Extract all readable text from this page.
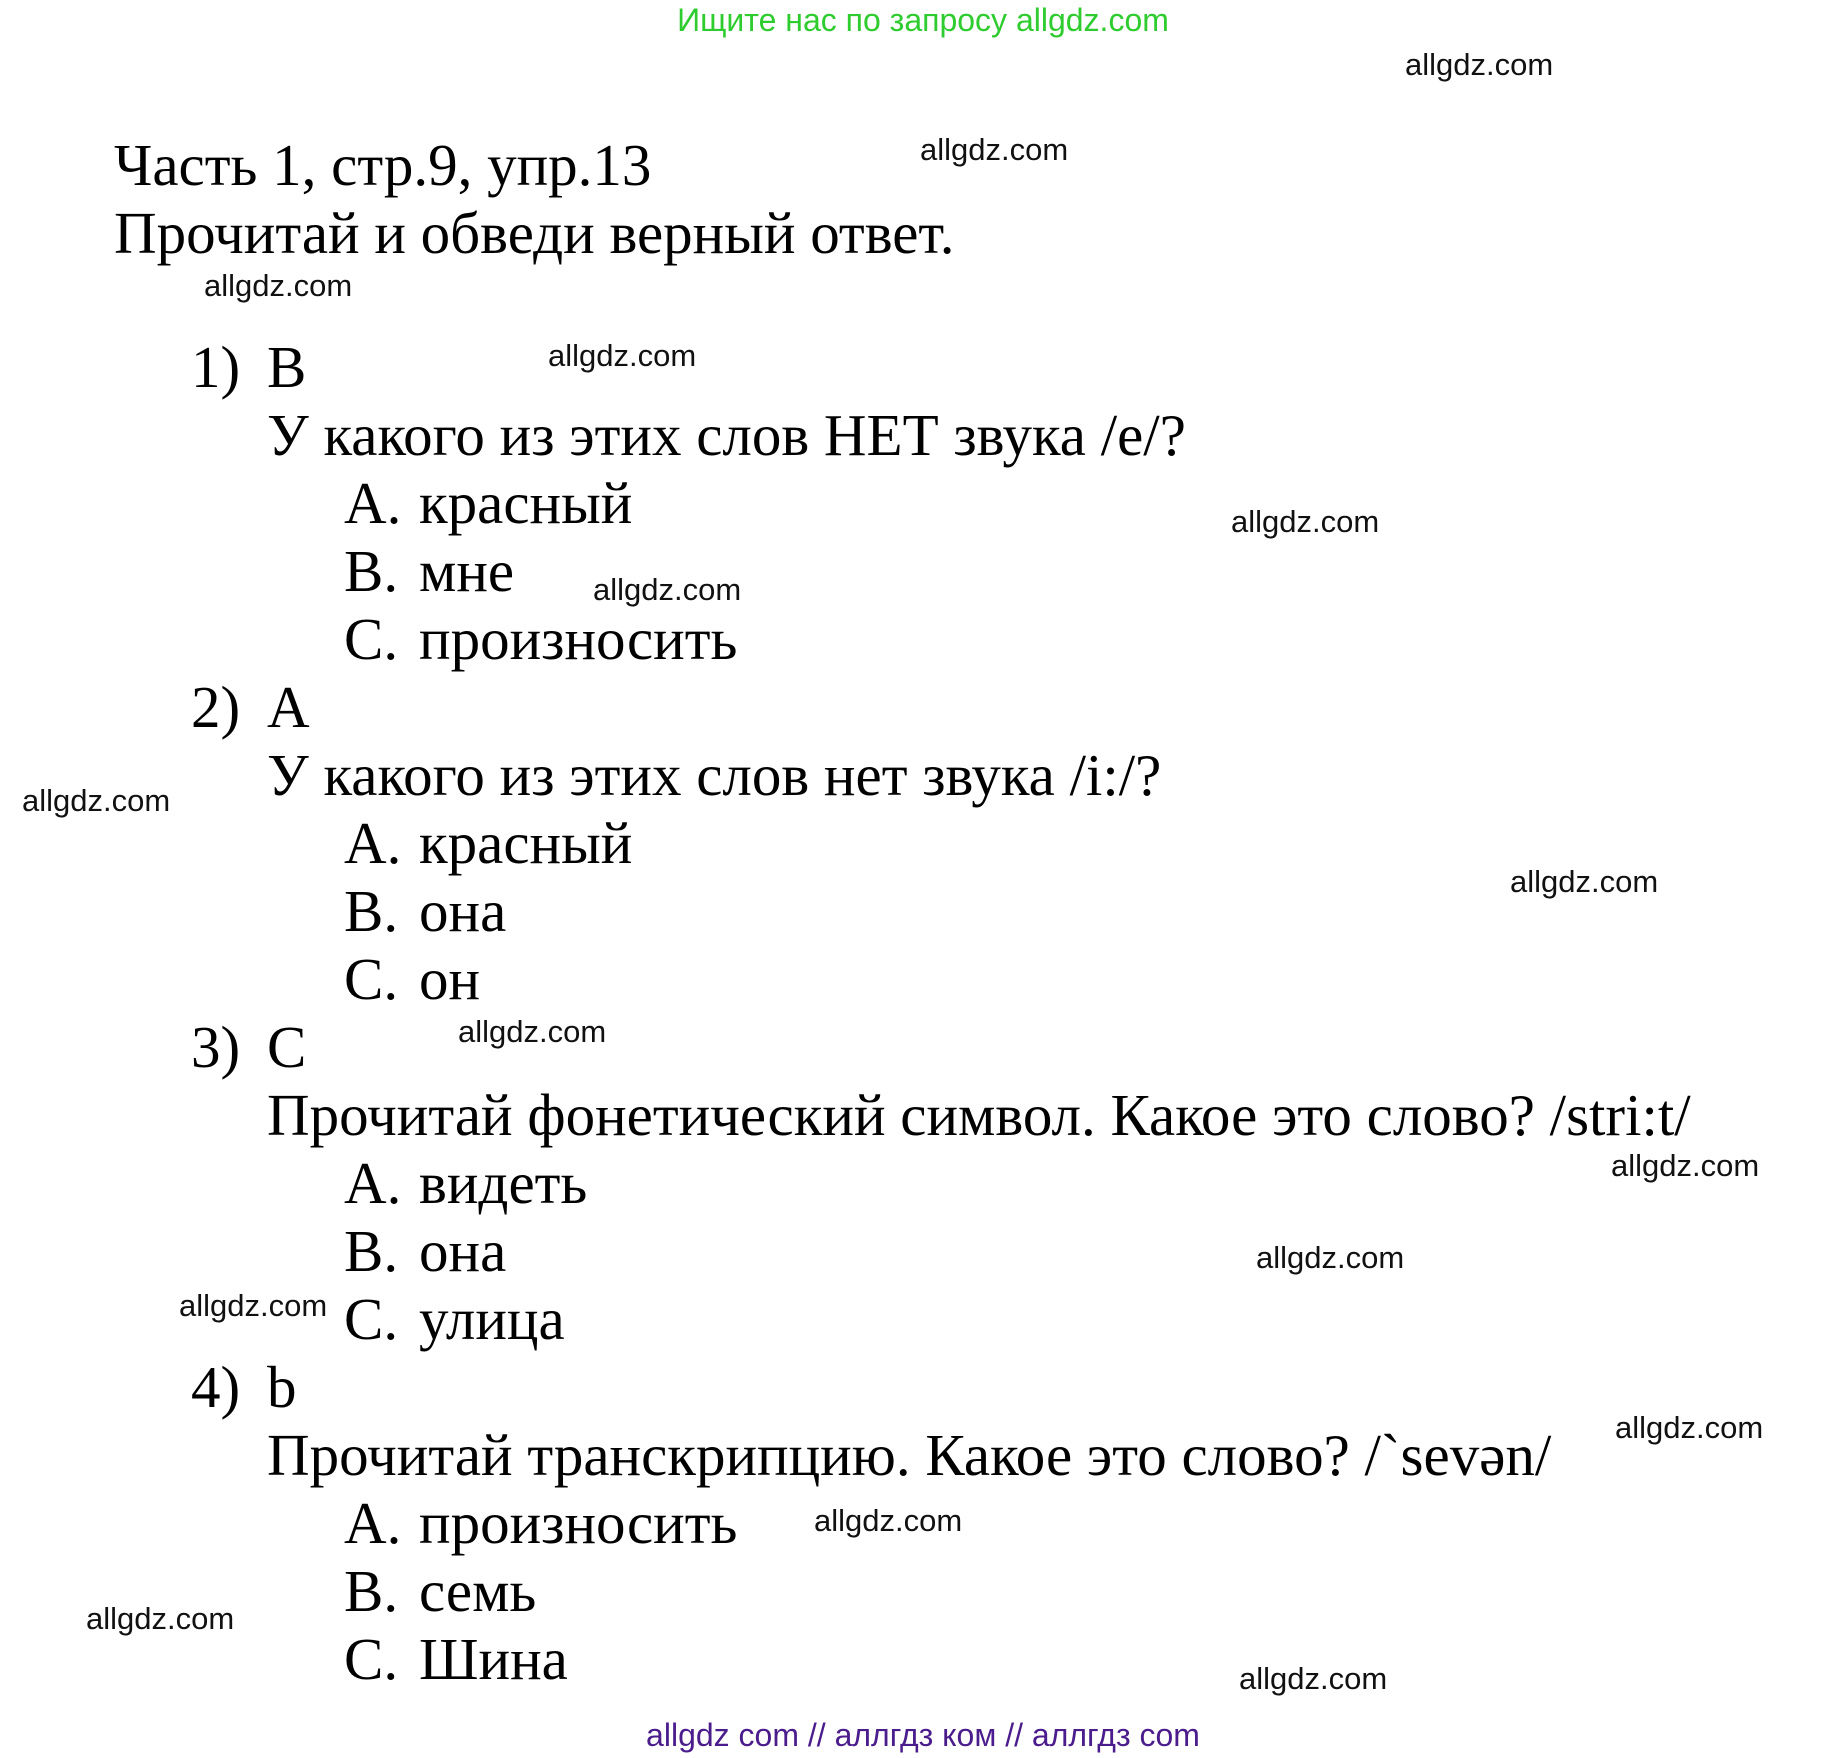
Ищите нас по запросу allgdz.com
Часть 1, стр.9, упр.13
Прочитай и обведи верный ответ.
1) B
У какого из этих слов НЕТ звука /e/?
A. красный
B. мне
C. произносить
2) A
У какого из этих слов нет звука /i:/?
A. красный
B. она
C. он
3) C
Прочитай фонетический символ. Какое это слово? /stri:t/
A. видеть
B. она
C. улица
4) b
Прочитай транскрипцию. Какое это слово? /`sevən/
A. произносить
B. семь
C. Шина
allgdz.com
allgdz.com
allgdz.com
allgdz.com
allgdz.com
allgdz.com
allgdz.com
allgdz.com
allgdz.com
allgdz.com
allgdz.com
allgdz.com
allgdz.com
allgdz.com
allgdz.com
allgdz.com
allgdz com // аллгдз ком // аллгдз com
